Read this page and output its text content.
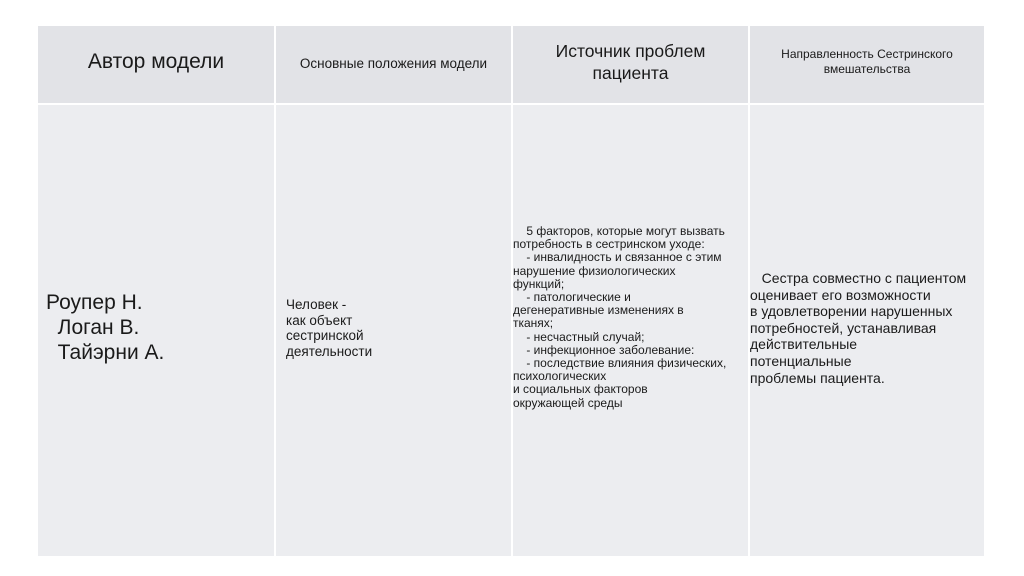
Автор модели	Основные положения модели
Источник проблем
пациента
Направленность Сестринского
вмешательства
Роупер Н.
Логан В.
Тайэрни А.
Человек -
как объект
сестринской
деятельности
5 факторов, которые могут вызвать
потребность в сестринском уходе:
- инвалидность и связанное с этим
нарушение физиологических
функций;
- патологические и
дегенеративные изменениях в
тканях;
- несчастный случай;
- инфекционное заболевание:
- последствие влияния физических,
психологических
и социальных факторов
окружающей среды
Сестра совместно с пациентом
оценивает его возможности
в удовлетворении нарушенных
потребностей, устанавливая
действительные
потенциальные
проблемы пациента.
